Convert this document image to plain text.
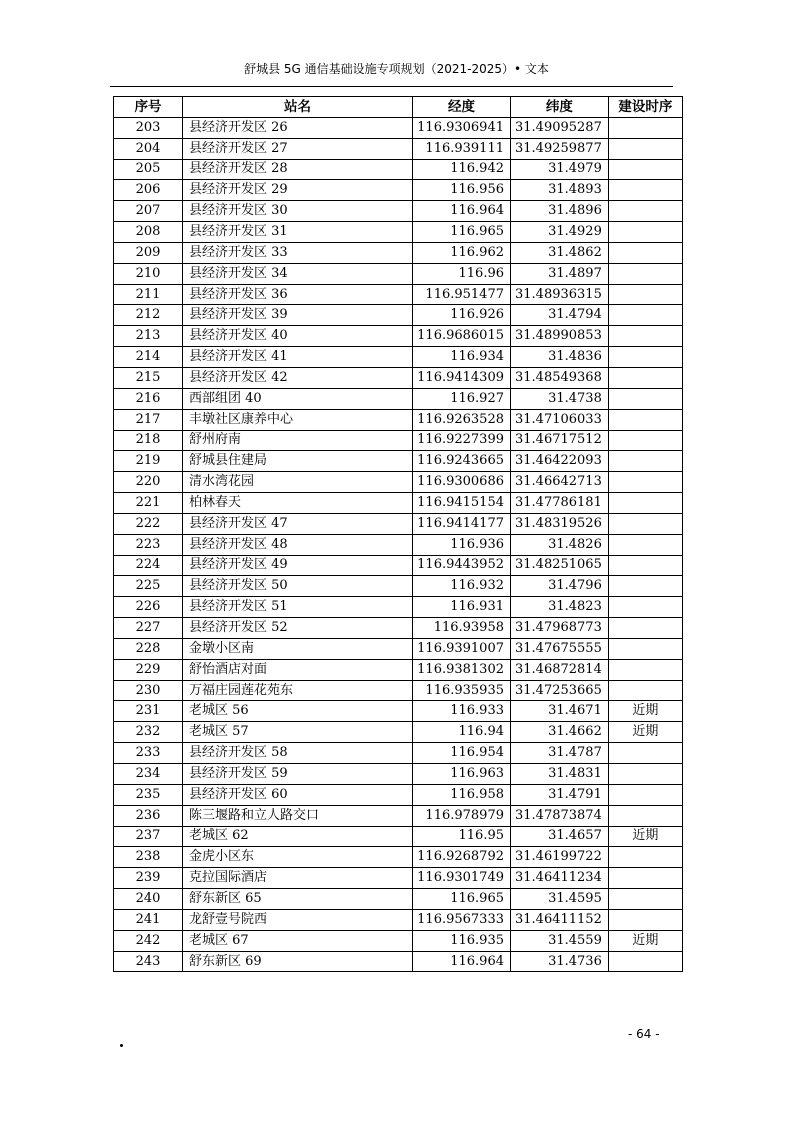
舒城县 5G 通信基础设施专项规划（2021-2025）• 文本
序号	站名	经度	纬度	建设时序
203	县经济开发区 26	116.9306941	31.49095287	
204	县经济开发区 27	116.939111	31.49259877	
205	县经济开发区 28	116.942	31.4979	
206	县经济开发区 29	116.956	31.4893	
207	县经济开发区 30	116.964	31.4896	
208	县经济开发区 31	116.965	31.4929	
209	县经济开发区 33	116.962	31.4862	
210	县经济开发区 34	116.96	31.4897	
211	县经济开发区 36	116.951477	31.48936315	
212	县经济开发区 39	116.926	31.4794	
213	县经济开发区 40	116.9686015	31.48990853	
214	县经济开发区 41	116.934	31.4836	
215	县经济开发区 42	116.9414309	31.48549368	
216	西部组团 40	116.927	31.4738	
217	丰墩社区康养中心	116.9263528	31.47106033	
218	舒州府南	116.9227399	31.46717512	
219	舒城县住建局	116.9243665	31.46422093	
220	清水湾花园	116.9300686	31.46642713	
221	柏林春天	116.9415154	31.47786181	
222	县经济开发区 47	116.9414177	31.48319526	
223	县经济开发区 48	116.936	31.4826	
224	县经济开发区 49	116.9443952	31.48251065	
225	县经济开发区 50	116.932	31.4796	
226	县经济开发区 51	116.931	31.4823	
227	县经济开发区 52	116.93958	31.47968773	
228	金墩小区南	116.9391007	31.47675555	
229	舒怡酒店对面	116.9381302	31.46872814	
230	万福庄园莲花苑东	116.935935	31.47253665	
231	老城区 56	116.933	31.4671	近期
232	老城区 57	116.94	31.4662	近期
233	县经济开发区 58	116.954	31.4787	
234	县经济开发区 59	116.963	31.4831	
235	县经济开发区 60	116.958	31.4791	
236	陈三堰路和立人路交口	116.978979	31.47873874	
237	老城区 62	116.95	31.4657	近期
238	金虎小区东	116.9268792	31.46199722	
239	克拉国际酒店	116.9301749	31.46411234	
240	舒东新区 65	116.965	31.4595	
241	龙舒壹号院西	116.9567333	31.46411152	
242	老城区 67	116.935	31.4559	近期
243	舒东新区 69	116.964	31.4736	
- 64 -
